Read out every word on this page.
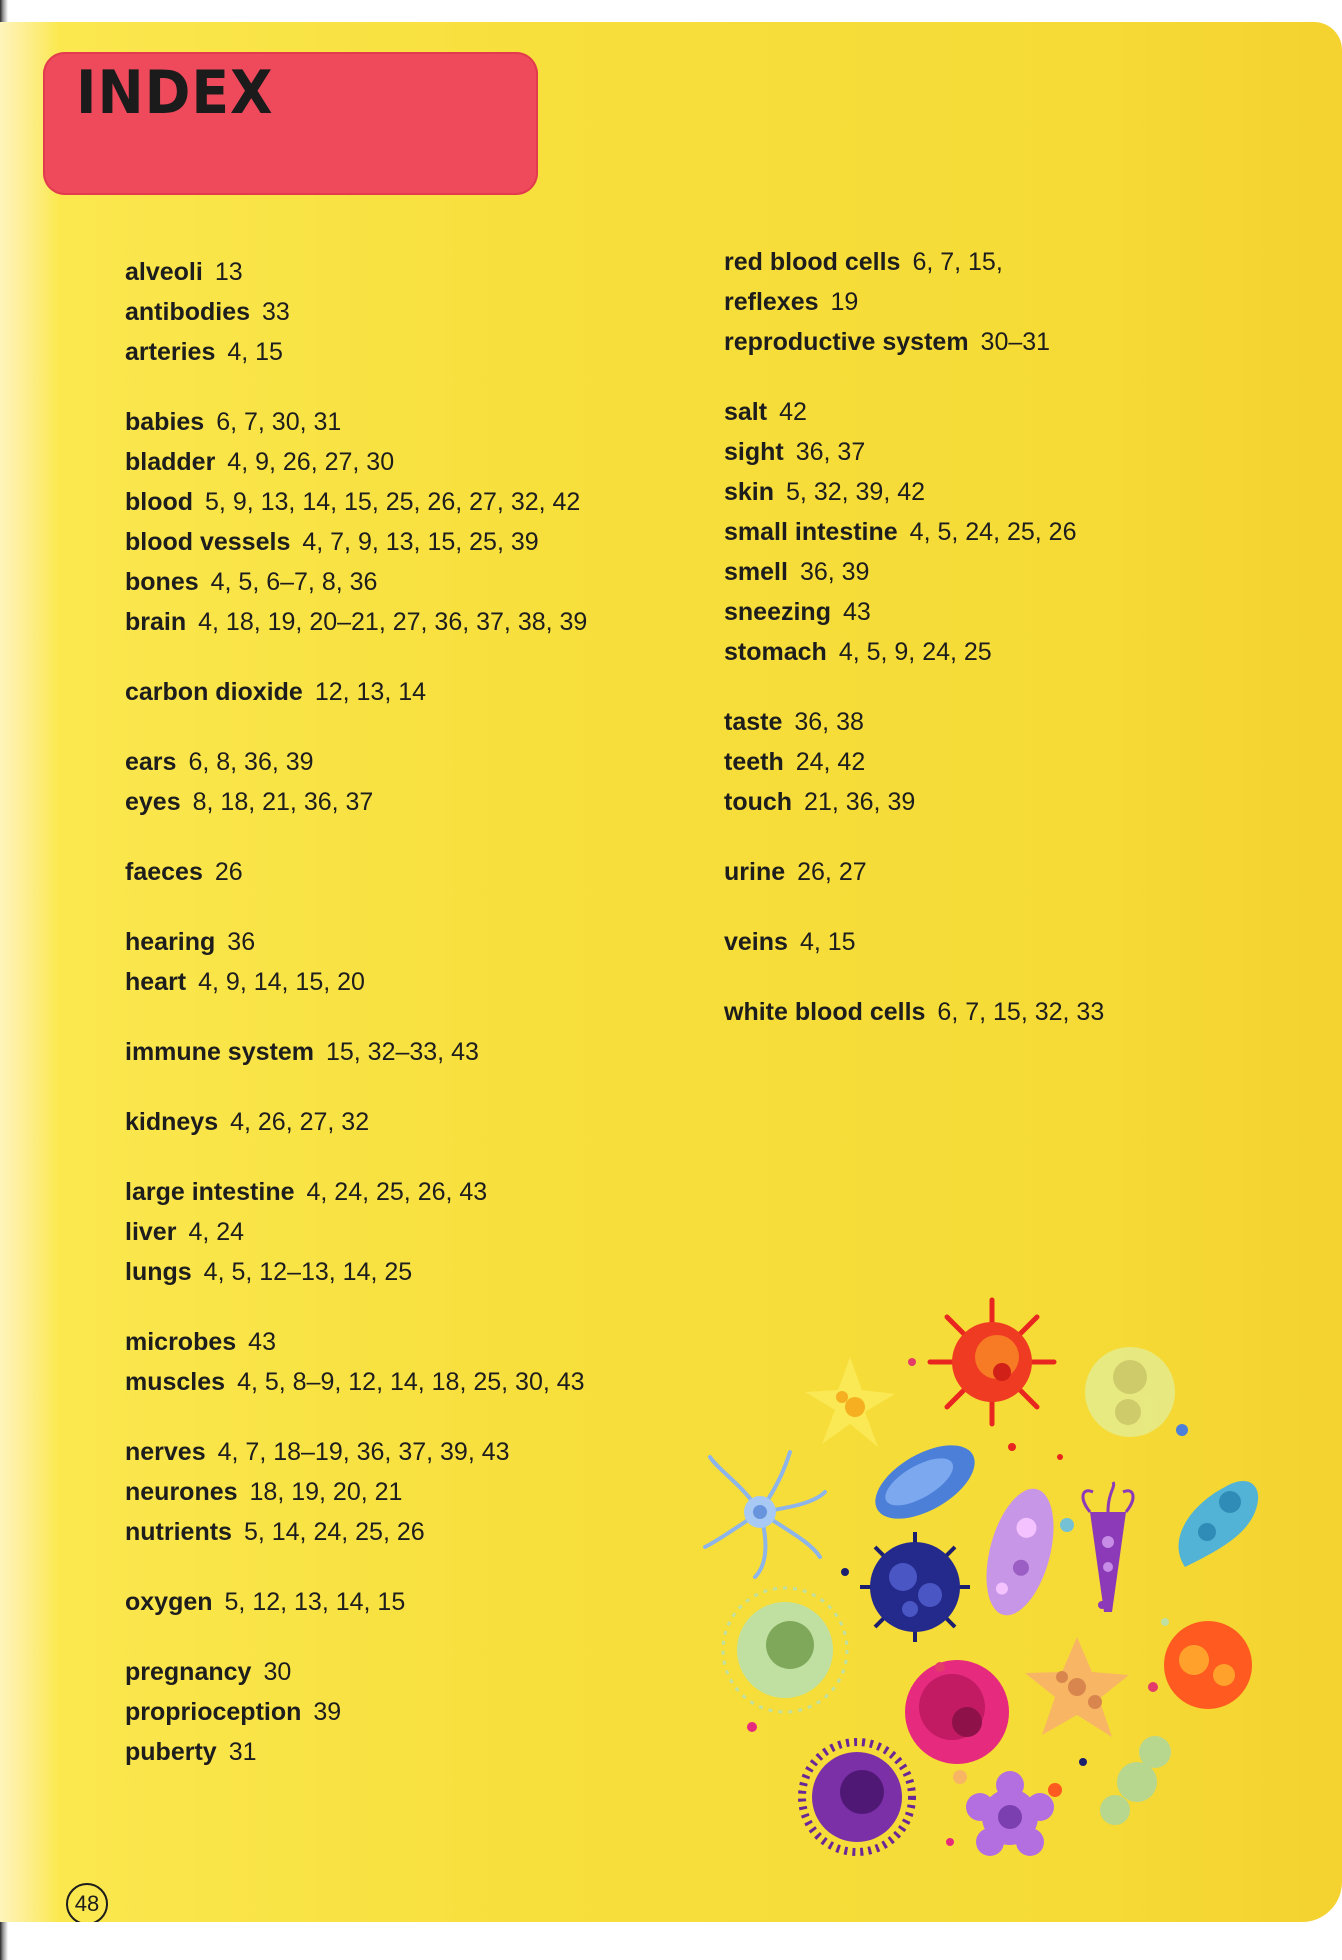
INDEX
alveoli 13
antibodies 33
arteries 4, 15
babies 6, 7, 30, 31
bladder 4, 9, 26, 27, 30
blood 5, 9, 13, 14, 15, 25, 26, 27, 32, 42
blood vessels 4, 7, 9, 13, 15, 25, 39
bones 4, 5, 6–7, 8, 36
brain 4, 18, 19, 20–21, 27, 36, 37, 38, 39
carbon dioxide 12, 13, 14
ears 6, 8, 36, 39
eyes 8, 18, 21, 36, 37
faeces 26
hearing 36
heart 4, 9, 14, 15, 20
immune system 15, 32–33, 43
kidneys 4, 26, 27, 32
large intestine 4, 24, 25, 26, 43
liver 4, 24
lungs 4, 5, 12–13, 14, 25
microbes 43
muscles 4, 5, 8–9, 12, 14, 18, 25, 30, 43
nerves 4, 7, 18–19, 36, 37, 39, 43
neurones 18, 19, 20, 21
nutrients 5, 14, 24, 25, 26
oxygen 5, 12, 13, 14, 15
pregnancy 30
proprioception 39
puberty 31
red blood cells 6, 7, 15,
reflexes 19
reproductive system 30–31
salt 42
sight 36, 37
skin 5, 32, 39, 42
small intestine 4, 5, 24, 25, 26
smell 36, 39
sneezing 43
stomach 4, 5, 9, 24, 25
taste 36, 38
teeth 24, 42
touch 21, 36, 39
urine 26, 27
veins 4, 15
white blood cells 6, 7, 15, 32, 33
48
